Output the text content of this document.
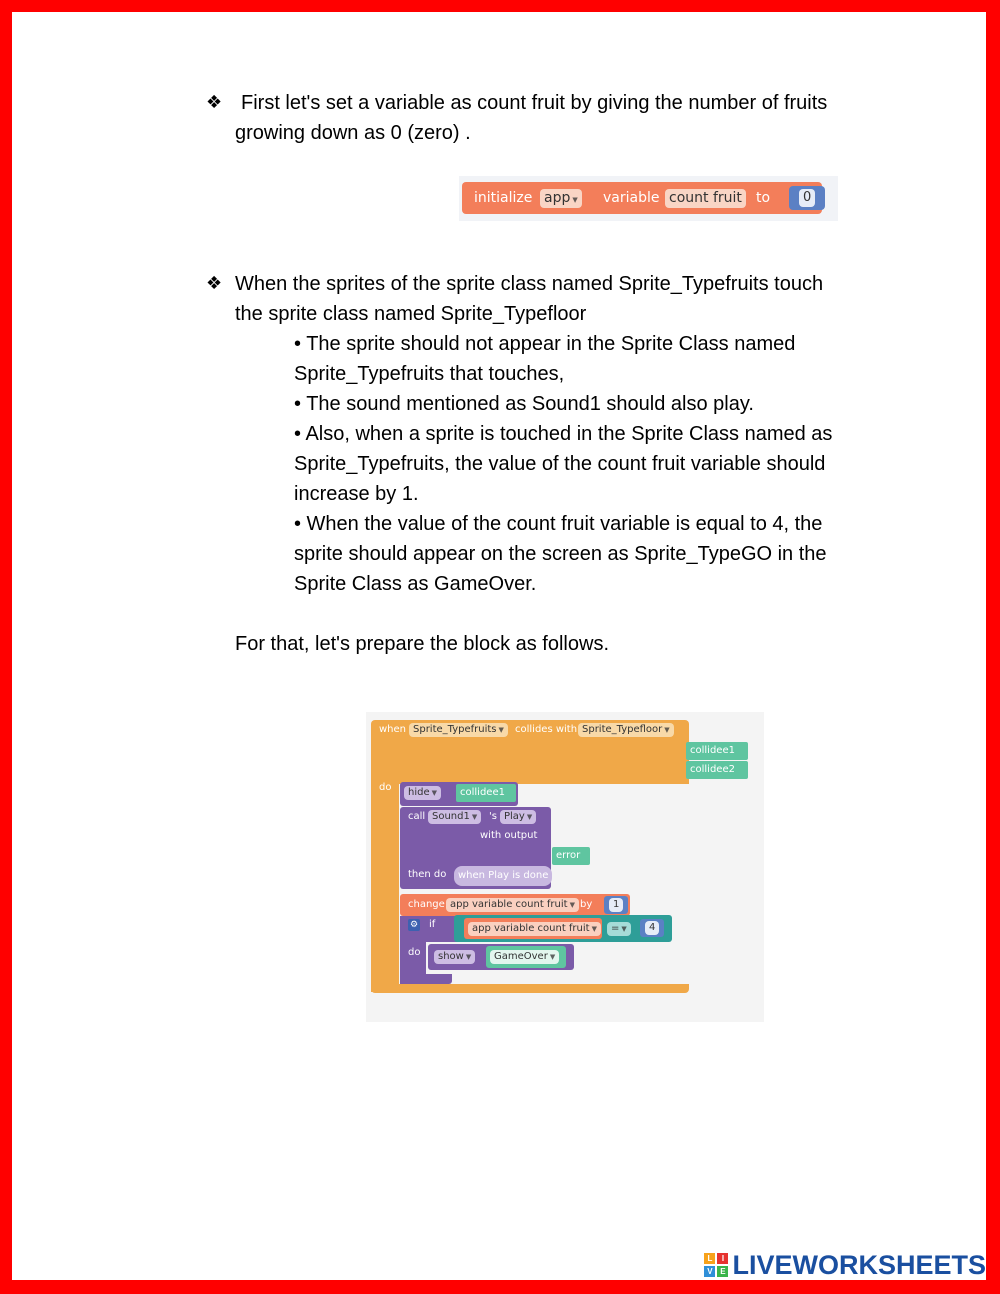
❖ First let's set a variable as count fruit by giving the number of fruits
growing down as 0 (zero) .
initialize app ▼ variable count fruit to	0
❖ When the sprites of the sprite class named Sprite_Typefruits touch
the sprite class named Sprite_Typefloor
• The sprite should not appear in the Sprite Class named
Sprite_Typefruits that touches,
• The sound mentioned as Sound1 should also play.
• Also, when a sprite is touched in the Sprite Class named as
Sprite_Typefruits, the value of the count fruit variable should
increase by 1.
• When the value of the count fruit variable is equal to 4, the
sprite should appear on the screen as Sprite_TypeGO in the
Sprite Class as GameOver.
For that, let's prepare the block as follows.
when Sprite_Typefruits ▼	collides with Sprite_Typefloor ▼
collidee1
collidee2
do	hide ▼	collidee1
call Sound1 ▼	's Play ▼
with output
error
then do	when Play is done
change app variable count fruit ▼ by	1
⚙ if	app variable count fruit ▼	= ▼	4
do	show ▼	GameOver ▼
L	I
V E LIVEWORKSHEETS
